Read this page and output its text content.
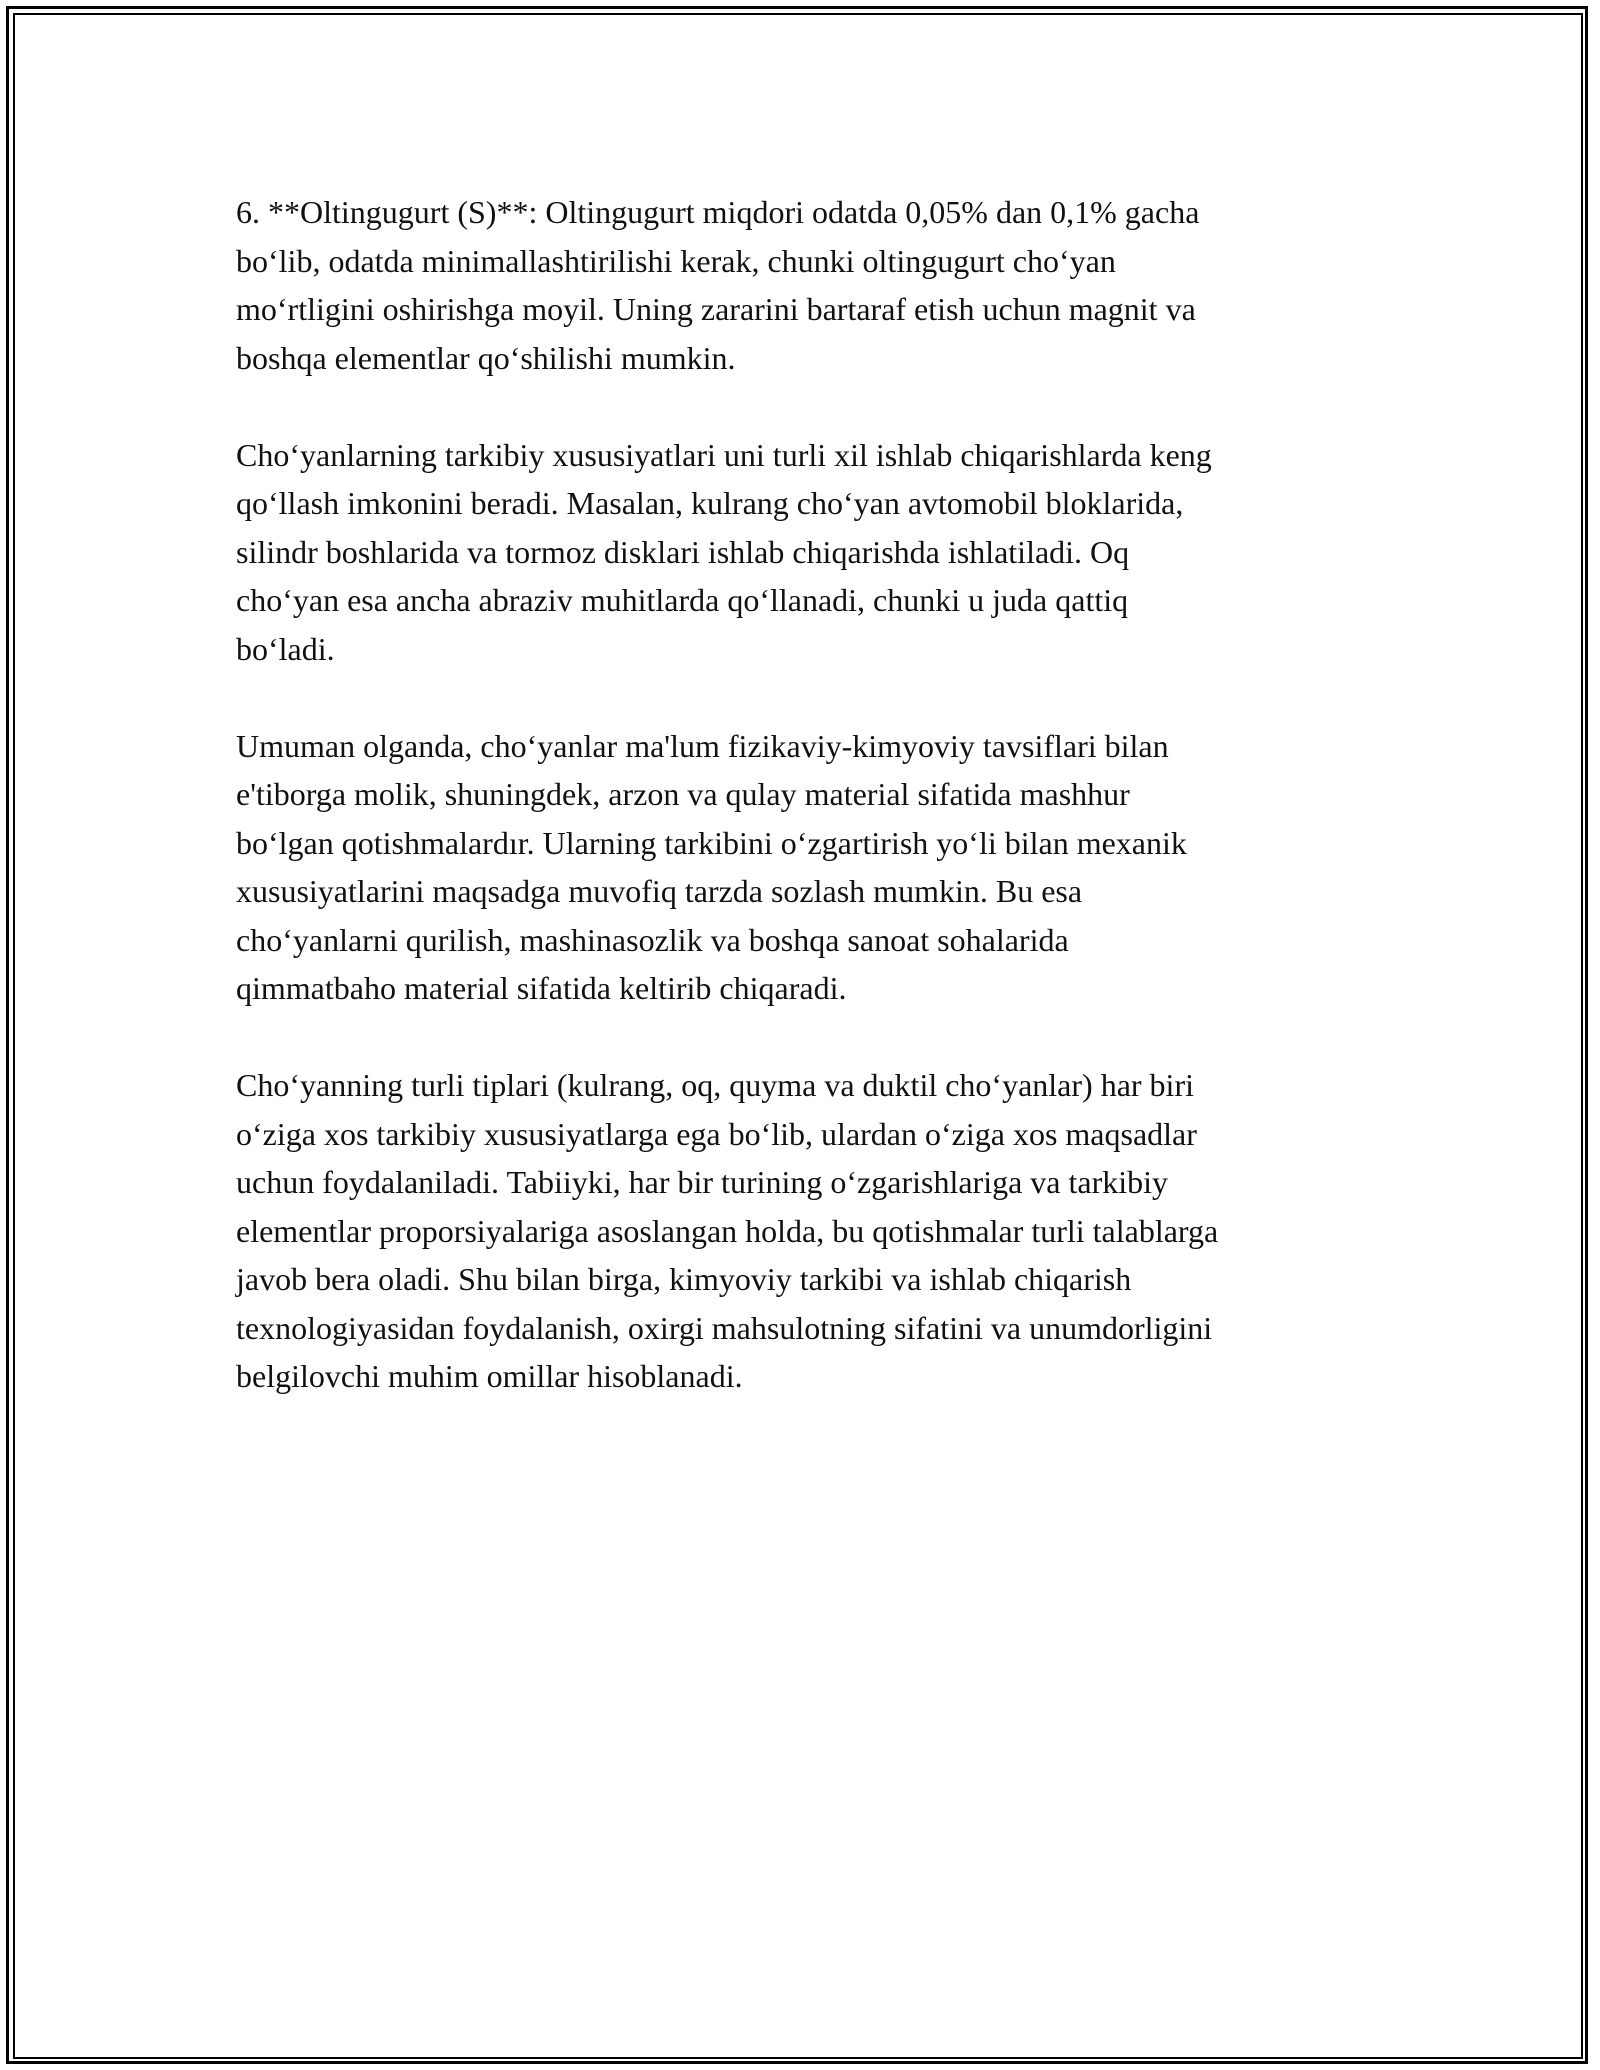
6. **Oltingugurt (S)**: Oltingugurt miqdori odatda 0,05% dan 0,1% gacha
bo‘lib, odatda minimallashtirilishi kerak, chunki oltingugurt cho‘yan
mo‘rtligini oshirishga moyil. Uning zararini bartaraf etish uchun magnit va
boshqa elementlar qo‘shilishi mumkin.

Cho‘yanlarning tarkibiy xususiyatlari uni turli xil ishlab chiqarishlarda keng
qo‘llash imkonini beradi. Masalan, kulrang cho‘yan avtomobil bloklarida,
silindr boshlarida va tormoz disklari ishlab chiqarishda ishlatiladi. Oq
cho‘yan esa ancha abraziv muhitlarda qo‘llanadi, chunki u juda qattiq
bo‘ladi.

Umuman olganda, cho‘yanlar ma'lum fizikaviy-kimyoviy tavsiflari bilan
e'tiborga molik, shuningdek, arzon va qulay material sifatida mashhur
bo‘lgan qotishmalardır. Ularning tarkibini o‘zgartirish yo‘li bilan mexanik
xususiyatlarini maqsadga muvofiq tarzda sozlash mumkin. Bu esa
cho‘yanlarni qurilish, mashinasozlik va boshqa sanoat sohalarida
qimmatbaho material sifatida keltirib chiqaradi.

Cho‘yanning turli tiplari (kulrang, oq, quyma va duktil cho‘yanlar) har biri
o‘ziga xos tarkibiy xususiyatlarga ega bo‘lib, ulardan o‘ziga xos maqsadlar
uchun foydalaniladi. Tabiiyki, har bir turining o‘zgarishlariga va tarkibiy
elementlar proporsiyalariga asoslangan holda, bu qotishmalar turli talablarga
javob bera oladi. Shu bilan birga, kimyoviy tarkibi va ishlab chiqarish
texnologiyasidan foydalanish, oxirgi mahsulotning sifatini va unumdorligini
belgilovchi muhim omillar hisoblanadi.
